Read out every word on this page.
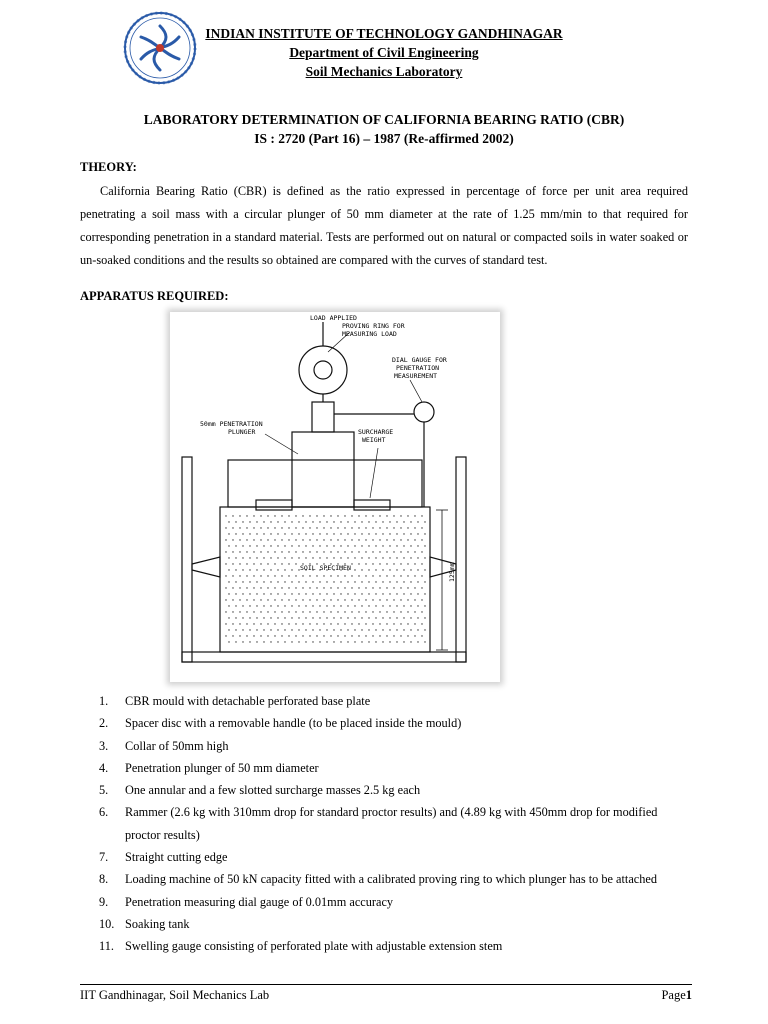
INDIAN INSTITUTE OF TECHNOLOGY GANDHINAGAR
Department of Civil Engineering
Soil Mechanics Laboratory
LABORATORY DETERMINATION OF CALIFORNIA BEARING RATIO (CBR)
IS : 2720 (Part 16) – 1987 (Re-affirmed 2002)
THEORY:
California Bearing Ratio (CBR) is defined as the ratio expressed in percentage of force per unit area required penetrating a soil mass with a circular plunger of 50 mm diameter at the rate of 1.25 mm/min to that required for corresponding penetration in a standard material. Tests are performed out on natural or compacted soils in water soaked or un-soaked conditions and the results so obtained are compared with the curves of standard test.
APPARATUS REQUIRED:
LOAD APPLIED
PROVING RING FOR
MEASURING LOAD
DIAL GAUGE FOR
PENETRATION
MEASUREMENT
50mm PENETRATION
PLUNGER	SURCHARGE
WEIGHT
SOIL SPECIMEN	125mm
1.	CBR mould with detachable perforated base plate
2.	Spacer disc with a removable handle (to be placed inside the mould)
3.	Collar of 50mm high
4.	Penetration plunger of 50 mm diameter
5.	One annular and a few slotted surcharge masses 2.5 kg each
6.	Rammer (2.6 kg with 310mm drop for standard proctor results) and (4.89 kg with 450mm drop for modified
proctor results)
7.	Straight cutting edge
8.	Loading machine of 50 kN capacity fitted with a calibrated proving ring to which plunger has to be attached
9.	Penetration measuring dial gauge of 0.01mm accuracy
10. Soaking tank
11. Swelling gauge consisting of perforated plate with adjustable extension stem
IIT Gandhinagar, Soil Mechanics Lab	Page1
